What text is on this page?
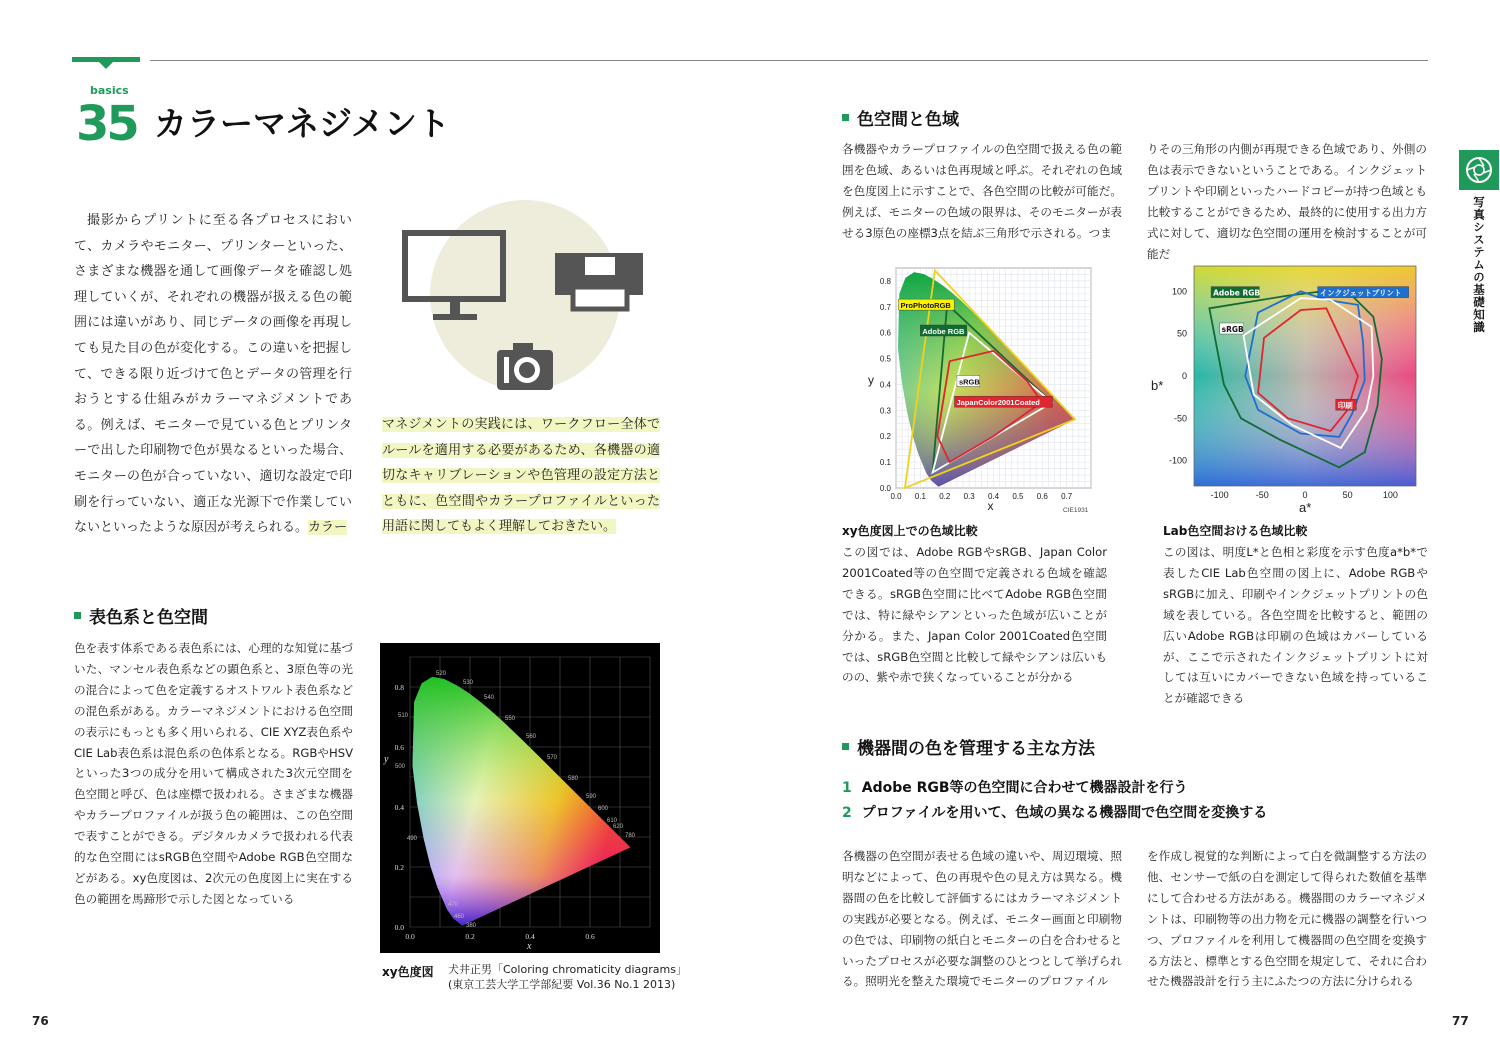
basics
35 カラーマネジメント
撮影からプリントに至る各プロセスにおいて、カメラやモニター、プリンターといった、さまざまな機器を通して画像データを確認し処理していくが、それぞれの機器が扱える色の範囲には違いがあり、同じデータの画像を再現しても見た目の色が変化する。この違いを把握して、できる限り近づけて色とデータの管理を行おうとする仕組みがカラーマネジメントである。例えば、モニターで見ている色とプリンターで出した印刷物で色が異なるといった場合、モニターの色が合っていない、適切な設定で印刷を行っていない、適正な光源下で作業していないといったような原因が考えられる。カラー
マネジメントの実践には、ワークフロー全体でルールを適用する必要があるため、各機器の適切なキャリブレーションや色管理の設定方法とともに、色空間やカラープロファイルといった用語に関してもよく理解しておきたい。
表色系と色空間
色を表す体系である表色系には、心理的な知覚に基づいた、マンセル表色系などの顕色系と、3原色等の光の混合によって色を定義するオストワルト表色系などの混色系がある。カラーマネジメントにおける色空間の表示にもっとも多く用いられる、CIE XYZ表色系やCIE Lab表色系は混色系の色体系となる。RGBやHSVといった3つの成分を用いて構成された3次元空間を色空間と呼び、色は座標で扱われる。さまざまな機器やカラープロファイルが扱う色の範囲は、この色空間で表すことができる。デジタルカメラで扱われる代表的な色空間にはsRGB色空間やAdobe RGB色空間などがある。xy色度図は、2次元の色度図上に実在する色の範囲を馬蹄形で示した図となっている
520
530
540
510	550
560
500
570
580
590
600
610
620
780
490
480
470
460
380
0.0	0.2	0.4	0.6
0.0
0.2
0.4
0.6
0.8
x
y
xy色度図 犬井正男「Coloring chromaticity diagrams」
(東京工芸大学工学部紀要 Vol.36 No.1 2013)
色空間と色域
各機器やカラープロファイルの色空間で扱える色の範囲を色域、あるいは色再現域と呼ぶ。それぞれの色域を色度図上に示すことで、各色空間の比較が可能だ。例えば、モニターの色域の限界は、そのモニターが表せる3原色の座標3点を結ぶ三角形で示される。つま
りその三角形の内側が再現できる色域であり、外側の色は表示できないということである。インクジェットプリントや印刷といったハードコピーが持つ色域とも比較することができるため、最終的に使用する出力方式に対して、適切な色空間の運用を検討することが可能だ
ProPhotoRGB
Adobe RGB
sRGB
JapanColor2001Coated
0.0 0.1 0.2 0.3 0.4 0.5 0.6 0.7
0.0
0.1
0.2
0.3
0.4
0.5
0.6
0.7
0.8
x
y
CIE1931
xy色度図上での色域比較
この図では、Adobe RGBやsRGB、Japan Color 2001Coated等の色空間で定義される色域を確認できる。sRGB色空間に比べてAdobe RGB色空間では、特に緑やシアンといった色域が広いことが分かる。また、Japan Color 2001Coated色空間では、sRGB色空間と比較して緑やシアンは広いものの、紫や赤で狭くなっていることが分かる
Adobe RGB	インクジェットプリント
sRGB
印刷
-100	-50	0	50	100
100
50
0
-50
-100
a*
b*
Lab色空間おける色域比較
この図は、明度L*と色相と彩度を示す色度a*b*で表したCIE Lab色空間の図上に、Adobe RGBやsRGBに加え、印刷やインクジェットプリントの色域を表している。各色空間を比較すると、範囲の広いAdobe RGBは印刷の色域はカバーしているが、ここで示されたインクジェットプリントに対しては互いにカバーできない色域を持っていることが確認できる
機器間の色を管理する主な方法
1 Adobe RGB等の色空間に合わせて機器設計を行う
2 プロファイルを用いて、色域の異なる機器間で色空間を変換する
各機器の色空間が表せる色域の違いや、周辺環境、照明などによって、色の再現や色の見え方は異なる。機器間の色を比較して評価するにはカラーマネジメントの実践が必要となる。例えば、モニター画面と印刷物の色では、印刷物の紙白とモニターの白を合わせるといったプロセスが必要な調整のひとつとして挙げられる。照明光を整えた環境でモニターのプロファイル
を作成し視覚的な判断によって白を微調整する方法の他、センサーで紙の白を測定して得られた数値を基準にして合わせる方法がある。機器間のカラーマネジメントは、印刷物等の出力物を元に機器の調整を行いつつ、プロファイルを利用して機器間の色空間を変換する方法と、標準とする色空間を規定して、それに合わせた機器設計を行う主にふたつの方法に分けられる
写真システムの基礎知識
76	77
